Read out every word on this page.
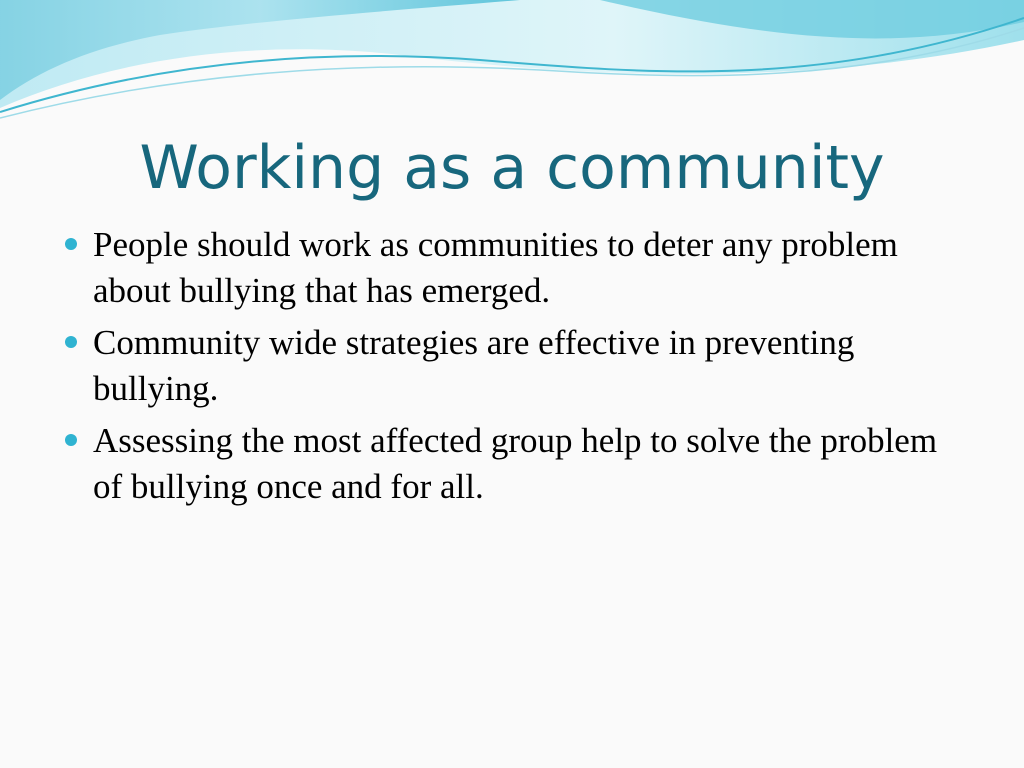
Working as a community
People should work as communities to deter any problem about bullying that has emerged.
Community wide strategies are effective in preventing bullying.
Assessing the most affected group help to solve the problem of bullying once and for all.
